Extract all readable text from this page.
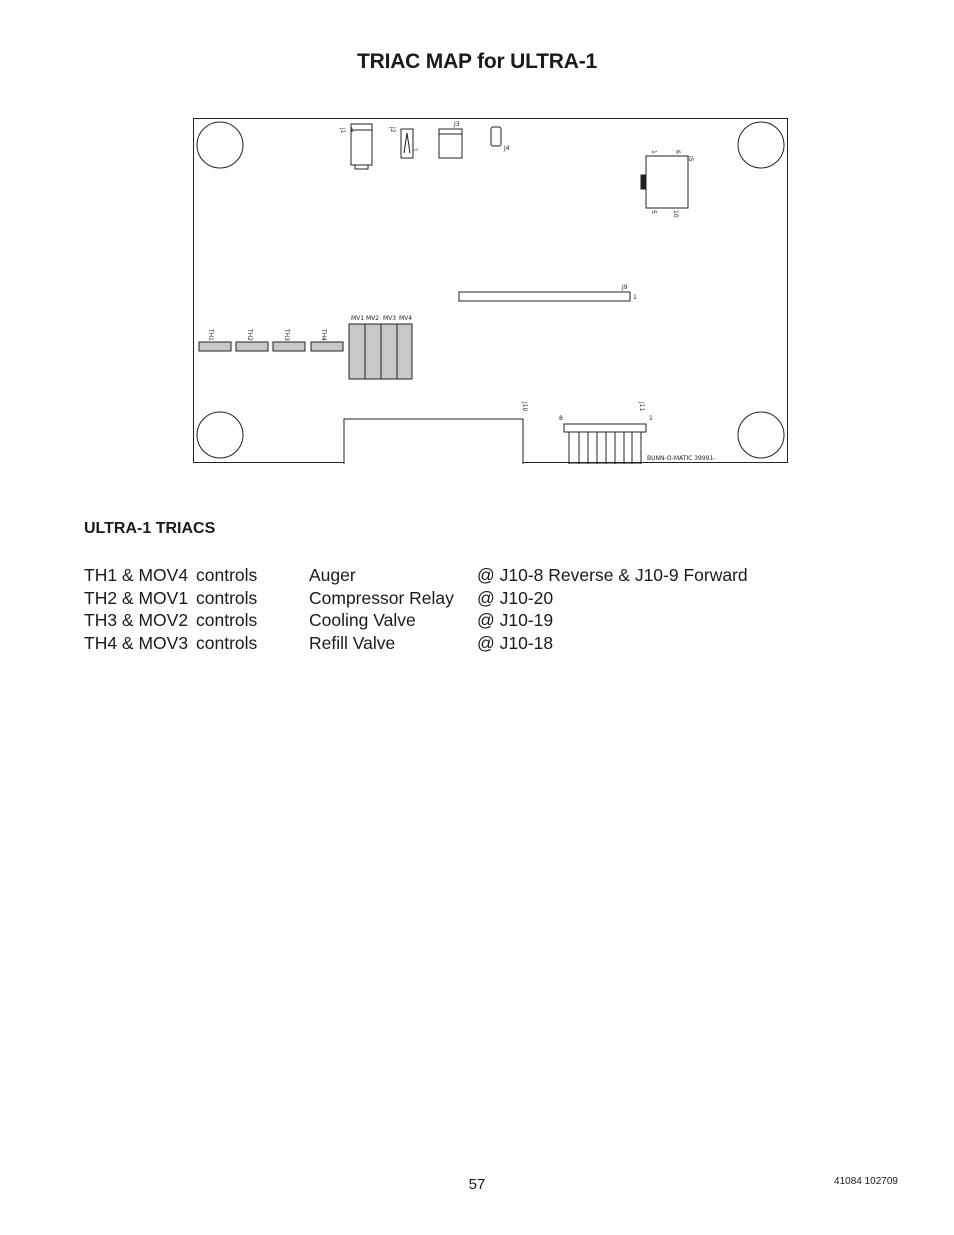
TRIAC MAP for ULTRA-1
J1 1	J2
1
J3
J4
J5
1	6
5	10
J9
1
TH1	TH2	TH3	TH4
MV1 MV2 MV3 MV4
J10	J11
8	1
BUNN-O-MATIC 39991-
ULTRA-1 TRIACS
TH1 & MOV4	controls	Auger	@ J10-8 Reverse & J10-9 Forward
TH2 & MOV1	controls	Compressor Relay	@ J10-20
TH3 & MOV2	controls	Cooling Valve	@ J10-19
TH4 & MOV3	controls	Refill Valve	@ J10-18
57	41084 102709
